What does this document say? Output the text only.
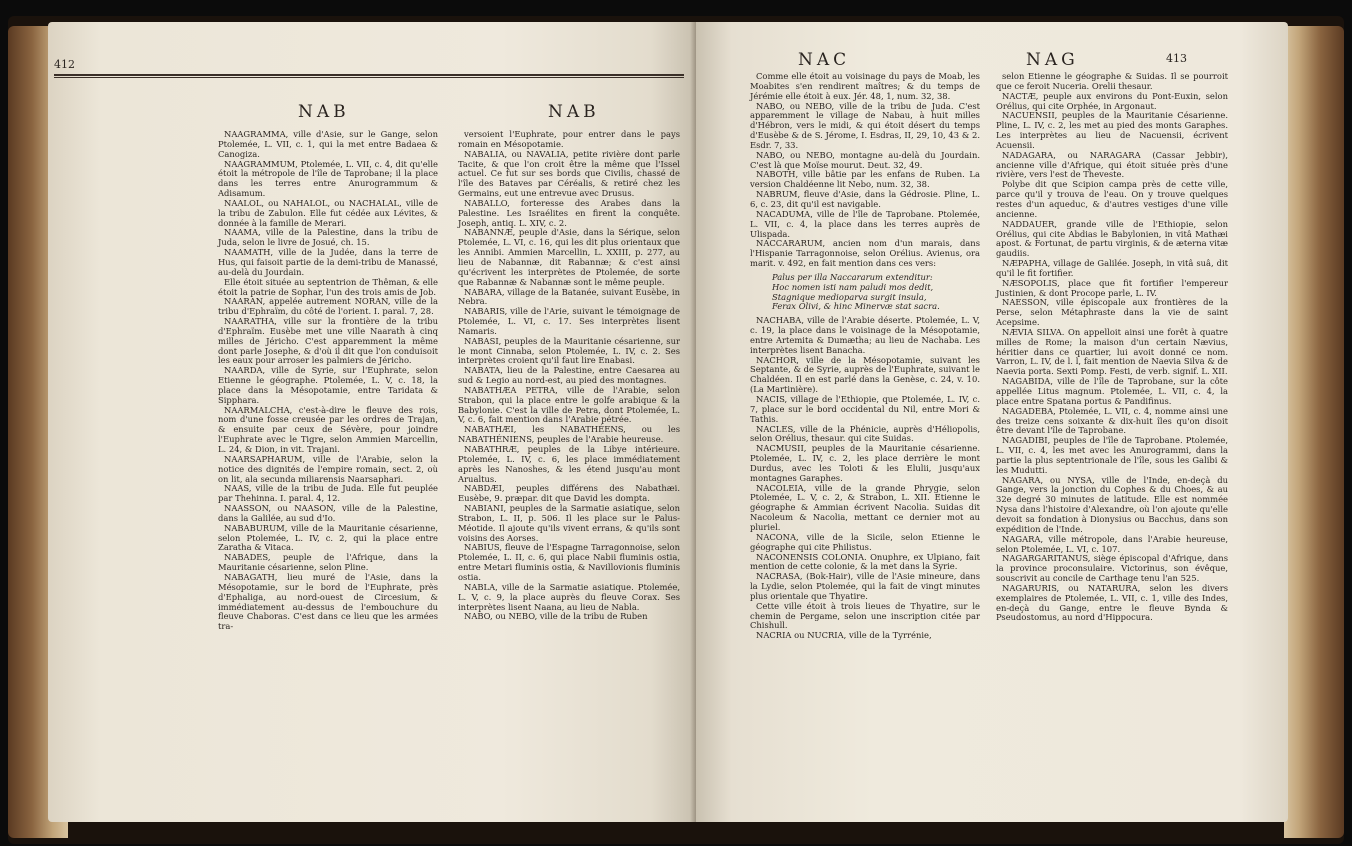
412
NAB	NAB

NAAGRAMMA, ville d'Asie, sur le Gange, selon Ptolemée, L. VII, c. 1, qui la met entre Badaea & Canogiza.

NAAGRAMMUM, Ptolemée, L. VII, c. 4, dit qu'elle étoit la métropole de l'île de Taprobane; il la place dans les terres entre Anurogrammum & Adisamum.

NAALOL, ou NAHALOL, ou NACHALAL, ville de la tribu de Zabulon. Elle fut cédée aux Lévites, & donnée à la famille de Merari.

NAAMA, ville de la Palestine, dans la tribu de Juda, selon le livre de Josué, ch. 15.

NAAMATH, ville de la Judée, dans la terre de Hus, qui faisoit partie de la demi-tribu de Manassé, au-delà du Jourdain.

Elle étoit située au septentrion de Thêman, & elle étoit la patrie de Sophar, l'un des trois amis de Job.

NAARAN, appelée autrement NORAN, ville de la tribu d'Ephraïm, du côté de l'orient. I. paral. 7, 28.

NAARATHA, ville sur la frontière de la tribu d'Ephraïm. Eusèbe met une ville Naarath à cinq milles de Jéricho. C'est apparemment la même dont parle Josephe, & d'où il dit que l'on conduisoit les eaux pour arroser les palmiers de Jéricho.

NAARDA, ville de Syrie, sur l'Euphrate, selon Etienne le géographe. Ptolemée, L. V, c. 18, la place dans la Mésopotamie, entre Taridata & Sipphara.

NAARMALCHA, c'est-à-dire le fleuve des rois, nom d'une fosse creusée par les ordres de Trajan, & ensuite par ceux de Sévère, pour joindre l'Euphrate avec le Tigre, selon Ammien Marcellin, L. 24, & Dion, in vit. Trajani.

NAARSAPHARUM, ville de l'Arabie, selon la notice des dignités de l'empire romain, sect. 2, où on lit, ala secunda miliarensis Naarsaphari.

NAAS, ville de la tribu de Juda. Elle fut peuplée par Thehinna. I. paral. 4, 12.

NAASSON, ou NAASON, ville de la Palestine, dans la Galilée, au sud d'Io.

NABABURUM, ville de la Mauritanie césarienne, selon Ptolemée, L. IV, c. 2, qui la place entre Zaratha & Vitaca.

NABADES, peuple de l'Afrique, dans la Mauritanie césarienne, selon Pline.

NABAGATH, lieu muré de l'Asie, dans la Mésopotamie, sur le bord de l'Euphrate, près d'Ephaliga, au nord-ouest de Circesium, & immédiatement au-dessus de l'embouchure du fleuve Chaboras. C'est dans ce lieu que les armées tra-

versoient l'Euphrate, pour entrer dans le pays romain en Mésopotamie.

NABALIA, ou NAVALIA, petite rivière dont parle Tacite, & que l'on croit être la même que l'Issel actuel. Ce fut sur ses bords que Civilis, chassé de l'île des Bataves par Céréalis, & retiré chez les Germains, eut une entrevue avec Drusus.

NABALLO, forteresse des Arabes dans la Palestine. Les Israélites en firent la conquête. Joseph, antiq. L. XIV, c. 2.

NABANNÆ, peuple d'Asie, dans la Sérique, selon Ptolemée, L. VI, c. 16, qui les dit plus orientaux que les Annibi. Ammien Marcellin, L. XXIII, p. 277, au lieu de Nabannæ, dit Rabannæ; & c'est ainsi qu'écrivent les interprètes de Ptolemée, de sorte que Rabannæ & Nabannæ sont le même peuple.

NABARA, village de la Batanée, suivant Eusèbe, in Nebra.

NABARIS, ville de l'Arie, suivant le témoignage de Ptolemée, L. VI, c. 17. Ses interprètes lisent Namaris.

NABASI, peuples de la Mauritanie césarienne, sur le mont Cinnaba, selon Ptolemée, L. IV, c. 2. Ses interprètes croient qu'il faut lire Enabasi.

NABATA, lieu de la Palestine, entre Caesarea au sud & Legio au nord-est, au pied des montagnes.

NABATHÆA PETRA, ville de l'Arabie, selon Strabon, qui la place entre le golfe arabique & la Babylonie. C'est la ville de Petra, dont Ptolemée, L. V, c. 6, fait mention dans l'Arabie pétrée.

NABATHÆI, les NABATHÉENS, ou les NABATHÉNIENS, peuples de l'Arabie heureuse.

NABATHRÆ, peuples de la Libye intérieure. Ptolemée, L. IV, c. 6, les place immédiatement après les Nanoshes, & les étend jusqu'au mont Arualtus.

NABDÆI, peuples différens des Nabathæi. Eusèbe, 9. præpar. dit que David les dompta.

NABIANI, peuples de la Sarmatie asiatique, selon Strabon, L. II, p. 506. Il les place sur le Palus-Méotide. Il ajoute qu'ils vivent errans, & qu'ils sont voisins des Aorses.

NABIUS, fleuve de l'Espagne Tarragonnoise, selon Ptolemée, L. II, c. 6, qui place Nabii fluminis ostia, entre Metari fluminis ostia, & Navillovionis fluminis ostia.

NABLA, ville de la Sarmatie asiatique. Ptolemée, L. V, c. 9, la place auprès du fleuve Corax. Ses interprètes lisent Naana, au lieu de Nabla.

NABO, ou NEBO, ville de la tribu de Ruben

NAC	NAG	413

Comme elle étoit au voisinage du pays de Moab, les Moabites s'en rendirent maîtres; & du temps de Jérémie elle étoit à eux. Jér. 48, 1, num. 32, 38.

NABO, ou NEBO, ville de la tribu de Juda. C'est apparemment le village de Nabau, à huit milles d'Hébron, vers le midi, & qui étoit désert du temps d'Eusèbe & de S. Jérome, I. Esdras, II, 29, 10, 43 & 2. Esdr. 7, 33.

NABO, ou NEBO, montagne au-delà du Jourdain. C'est là que Moïse mourut. Deut. 32, 49.

NABOTH, ville bâtie par les enfans de Ruben. La version Chaldéenne lit Nebo, num. 32, 38.

NABRUM, fleuve d'Asie, dans la Gédrosie. Pline, L. 6, c. 23, dit qu'il est navigable.

NACADUMA, ville de l'île de Taprobane. Ptolemée, L. VII, c. 4, la place dans les terres auprès de Ulispada.

NACCARARUM, ancien nom d'un marais, dans l'Hispanie Tarragonnoise, selon Orélius. Avienus, ora marit. v. 492, en fait mention dans ces vers:

Palus per illa Naccararum extenditur:
Hoc nomen isti nam paludi mos dedit,
Stagnique medioparva surgit insula,
Ferax Olivi, & hinc Minervæ stat sacra.

NACHABA, ville de l'Arabie déserte. Ptolemée, L. V, c. 19, la place dans le voisinage de la Mésopotamie, entre Artemita & Dumætha; au lieu de Nachaba. Les interprètes lisent Banacha.

NACHOR, ville de la Mésopotamie, suivant les Septante, & de Syrie, auprès de l'Euphrate, suivant le Chaldéen. Il en est parlé dans la Genèse, c. 24, v. 10. (La Martinière).

NACIS, village de l'Ethiopie, que Ptolemée, L. IV, c. 7, place sur le bord occidental du Nil, entre Mori & Tathis.

NACLES, ville de la Phénicie, auprès d'Héliopolis, selon Orélius, thesaur. qui cite Suidas.

NACMUSII, peuples de la Mauritanie césarienne. Ptolemée, L. IV, c. 2, les place derrière le mont Durdus, avec les Toloti & les Elulii, jusqu'aux montagnes Garaphes.

NACOLEIA, ville de la grande Phrygie, selon Ptolemée, L. V, c. 2, & Strabon, L. XII. Etienne le géographe & Ammian écrivent Nacolia. Suidas dit Nacoleum & Nacolia, mettant ce dernier mot au pluriel.

NACONA, ville de la Sicile, selon Etienne le géographe qui cite Philistus.

NACONENSIS COLONIA. Onuphre, ex Ulpiano, fait mention de cette colonie, & la met dans la Syrie.

NACRASA, (Bok-Hair), ville de l'Asie mineure, dans la Lydie, selon Ptolemée, qui la fait de vingt minutes plus orientale que Thyatire.

Cette ville étoit à trois lieues de Thyatire, sur le chemin de Pergame, selon une inscription citée par Chishull.

NACRIA ou NUCRIA, ville de la Tyrrénie,

selon Etienne le géographe & Suidas. Il se pourroit que ce feroit Nuceria. Orelii thesaur.

NACTÆ, peuple aux environs du Pont-Euxin, selon Orélius, qui cite Orphée, in Argonaut.

NACUENSII, peuples de la Mauritanie Césarienne. Pline, L. IV, c. 2, les met au pied des monts Garaphes. Les interprètes au lieu de Nacuensii, écrivent Acuensii.

NADAGARA, ou NARAGARA (Cassar Jebbir), ancienne ville d'Afrique, qui étoit située près d'une rivière, vers l'est de Theveste.

Polybe dit que Scipion campa près de cette ville, parce qu'il y trouva de l'eau. On y trouve quelques restes d'un aqueduc, & d'autres vestiges d'une ville ancienne.

NADDAUER, grande ville de l'Ethiopie, selon Orélius, qui cite Abdias le Babylonien, in vitâ Mathæi apost. & Fortunat, de partu virginis, & de æterna vitæ gaudiis.

NÆPAPHA, village de Galilée. Joseph, in vitâ suâ, dit qu'il le fit fortifier.

NÆSOPOLIS, place que fit fortifier l'empereur Justinien, & dont Procope parle, L. IV.

NAESSON, ville épiscopale aux frontières de la Perse, selon Métaphraste dans la vie de saint Acepsime.

NÆVIA SILVA. On appelloit ainsi une forêt à quatre milles de Rome; la maison d'un certain Nævius, héritier dans ce quartier, lui avoit donné ce nom. Varron, L. IV, de l. l, fait mention de Naevia Silva & de Naevia porta. Sexti Pomp. Festi, de verb. signif. L. XII.

NAGABIDA, ville de l'île de Taprobane, sur la côte appellée Litus magnum. Ptolemée, L. VII, c. 4, la place entre Spatana portus & Pandifinus.

NAGADEBA, Ptolemée, L. VII, c. 4, nomme ainsi une des treize cens soixante & dix-huit îles qu'on disoit être devant l'île de Taprobane.

NAGADIBI, peuples de l'île de Taprobane. Ptolemée, L. VII, c. 4, les met avec les Anurogrammi, dans la partie la plus septentrionale de l'île, sous les Galibi & les Mudutti.

NAGARA, ou NYSA, ville de l'Inde, en-deçà du Gange, vers la jonction du Cophes & du Choes, & au 32e degré 30 minutes de latitude. Elle est nommée Nysa dans l'histoire d'Alexandre, où l'on ajoute qu'elle devoit sa fondation à Dionysius ou Bacchus, dans son expédition de l'Inde.

NAGARA, ville métropole, dans l'Arabie heureuse, selon Ptolemée, L. VI, c. 107.

NAGARGARITANUS, siège épiscopal d'Afrique, dans la province proconsulaire. Victorinus, son évêque, souscrivit au concile de Carthage tenu l'an 525.

NAGARURIS, ou NATARURA, selon les divers exemplaires de Ptolemée, L. VII, c. 1, ville des Indes, en-deçà du Gange, entre le fleuve Bynda & Pseudostomus, au nord d'Hippocura.
